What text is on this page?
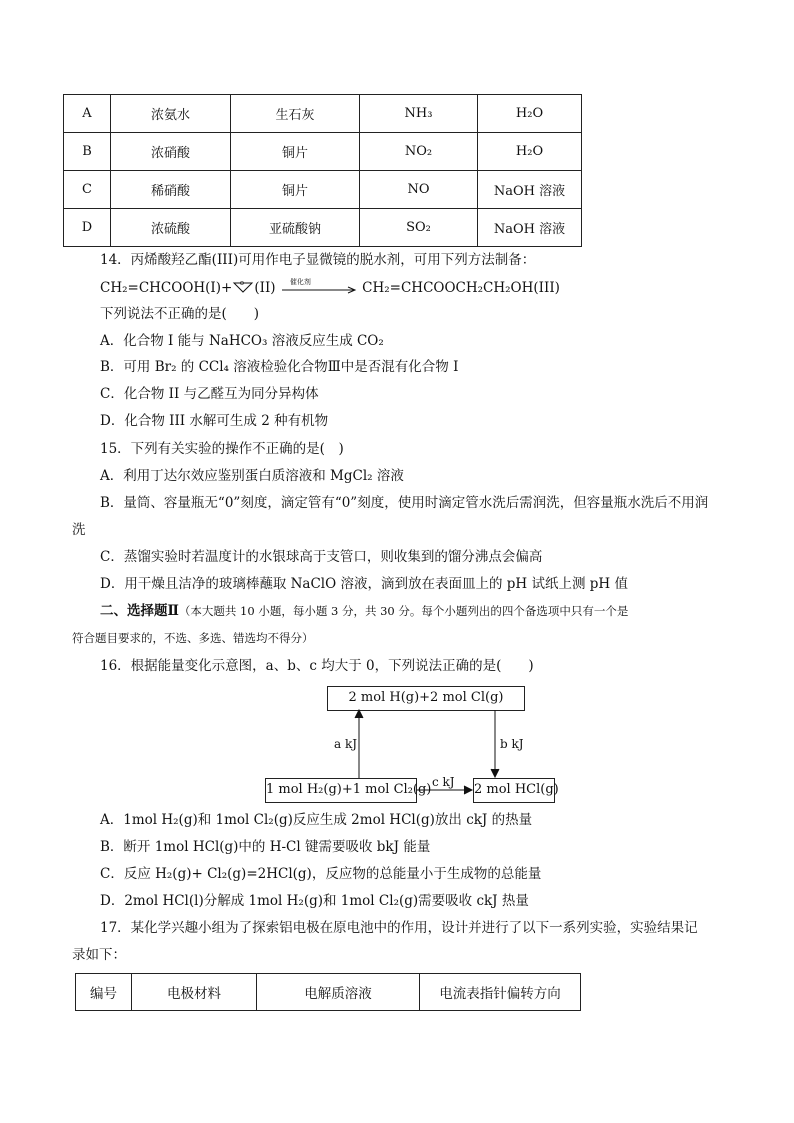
A	浓氨水	生石灰	NH₃	H₂O
B	浓硝酸	铜片	NO₂	H₂O
C	稀硝酸	铜片	NO	NaOH 溶液
D	浓硫酸	亚硫酸钠	SO₂	NaOH 溶液
14．丙烯酸羟乙酯(III)可用作电子显微镜的脱水剂，可用下列方法制备：
CH₂=CHCOOH(I)+ O (II) 催化剂	CH₂=CHCOOCH₂CH₂OH(III)
下列说法不正确的是(　　)
A．化合物 I 能与 NaHCO₃ 溶液反应生成 CO₂
B．可用 Br₂ 的 CCl₄ 溶液检验化合物Ⅲ中是否混有化合物 I
C．化合物 II 与乙醛互为同分异构体
D．化合物 III 水解可生成 2 种有机物
15．下列有关实验的操作不正确的是(　)
A．利用丁达尔效应鉴别蛋白质溶液和 MgCl₂ 溶液
B．量筒、容量瓶无“0”刻度，滴定管有“0”刻度，使用时滴定管水洗后需润洗，但容量瓶水洗后不用润
洗
C．蒸馏实验时若温度计的水银球高于支管口，则收集到的馏分沸点会偏高
D．用干燥且洁净的玻璃棒蘸取 NaClO 溶液，滴到放在表面皿上的 pH 试纸上测 pH 值
二、选择题Ⅱ（本大题共 10 小题，每小题 3 分，共 30 分。每个小题列出的四个备选项中只有一个是
符合题目要求的，不选、多选、错选均不得分）
16．根据能量变化示意图，a、b、c 均大于 0，下列说法正确的是(　　)
2 mol H(g)+2 mol Cl(g)
1 mol H₂(g)+1 mol Cl₂(g)	2 mol HCl(g)
a kJ	b kJ
c kJ
A．1mol H₂(g)和 1mol Cl₂(g)反应生成 2mol HCl(g)放出 ckJ 的热量
B．断开 1mol HCl(g)中的 H-Cl 键需要吸收 bkJ 能量
C．反应 H₂(g)+ Cl₂(g)=2HCl(g)，反应物的总能量小于生成物的总能量
D．2mol HCl(l)分解成 1mol H₂(g)和 1mol Cl₂(g)需要吸收 ckJ 热量
17．某化学兴趣小组为了探索铝电极在原电池中的作用，设计并进行了以下一系列实验，实验结果记
录如下：
编号	电极材料	电解质溶液	电流表指针偏转方向
